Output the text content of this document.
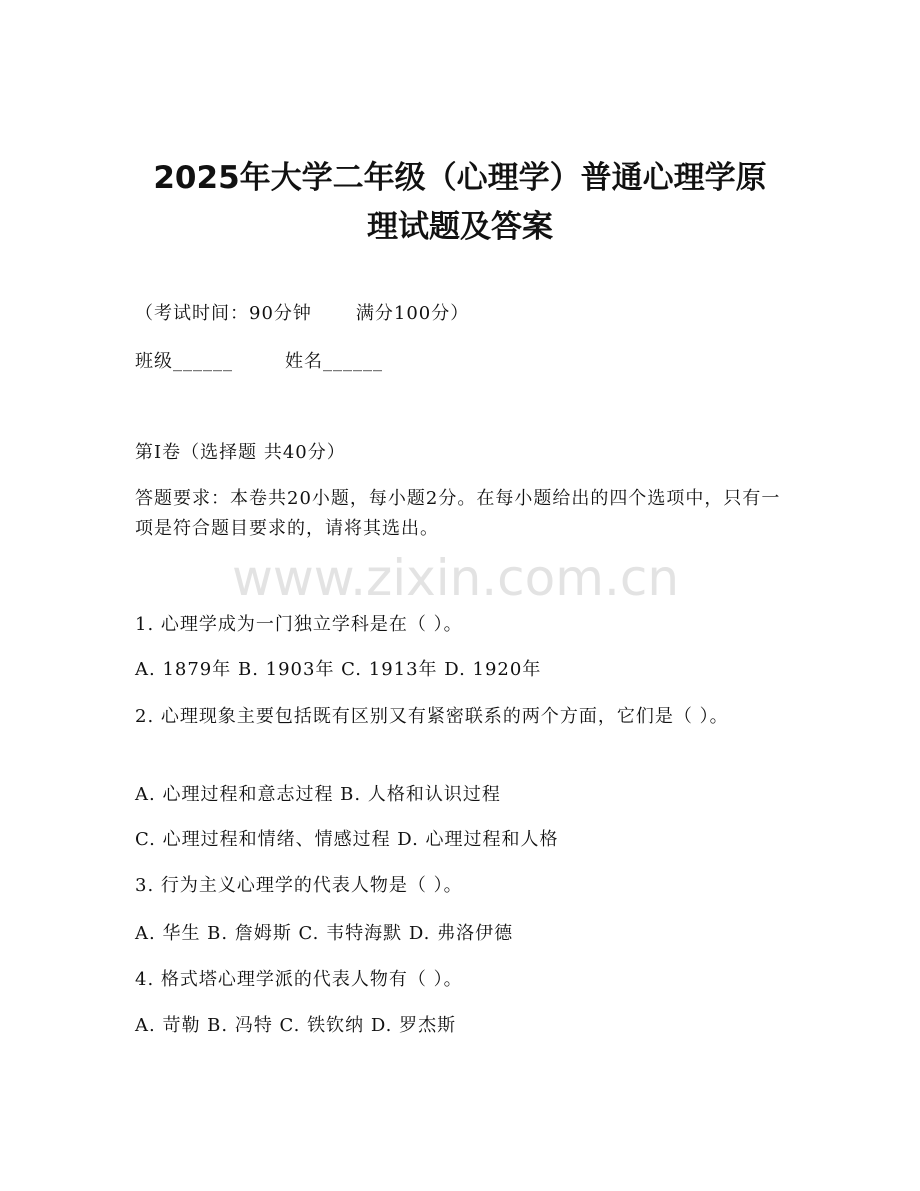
2025年大学二年级（心理学）普通心理学原
理试题及答案
（考试时间：90分钟 满分100分）
班级______	姓名______
第I卷（选择题 共40分）
答题要求：本卷共20小题，每小题2分。在每小题给出的四个选项中，只有一项是符合题目要求的，请将其选出。
www.zixin.com.cn
1. 心理学成为一门独立学科是在（ ）。
A. 1879年 B. 1903年 C. 1913年 D. 1920年
2. 心理现象主要包括既有区别又有紧密联系的两个方面，它们是（ ）。
A. 心理过程和意志过程 B. 人格和认识过程
C. 心理过程和情绪、情感过程 D. 心理过程和人格
3. 行为主义心理学的代表人物是（ ）。
A. 华生 B. 詹姆斯 C. 韦特海默 D. 弗洛伊德
4. 格式塔心理学派的代表人物有（ ）。
A. 苛勒 B. 冯特 C. 铁钦纳 D. 罗杰斯
